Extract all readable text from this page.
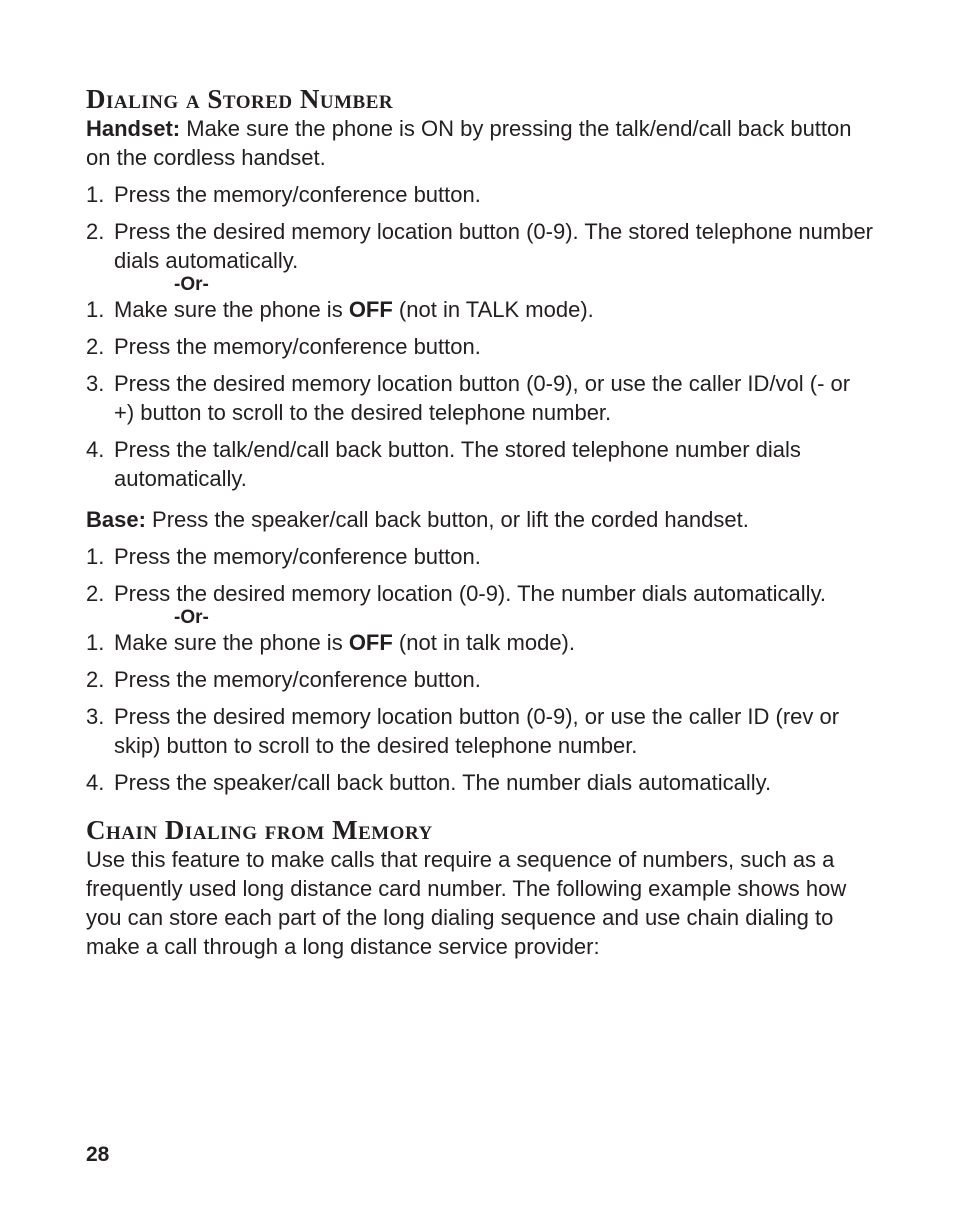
Dialing a Stored Number

Handset: Make sure the phone is ON by pressing the talk/end/call back button on the cordless handset.

1. Press the memory/conference button.
2. Press the desired memory location button (0-9). The stored telephone number dials automatically.
-Or-
1. Make sure the phone is OFF (not in TALK mode).
2. Press the memory/conference button.
3. Press the desired memory location button (0-9), or use the caller ID/vol (- or +) button to scroll to the desired telephone number.
4. Press the talk/end/call back button. The stored telephone number dials automatically.

Base: Press the speaker/call back button, or lift the corded handset.

1. Press the memory/conference button.
2. Press the desired memory location (0-9). The number dials automatically.
-Or-
1. Make sure the phone is OFF (not in talk mode).
2. Press the memory/conference button.
3. Press the desired memory location button (0-9), or use the caller ID (rev or skip) button to scroll to the desired telephone number.
4. Press the speaker/call back button. The number dials automatically.
Chain Dialing from Memory

Use this feature to make calls that require a sequence of numbers, such as a frequently used long distance card number. The following example shows how you can store each part of the long dialing sequence and use chain dialing to make a call through a long distance service provider:

28
